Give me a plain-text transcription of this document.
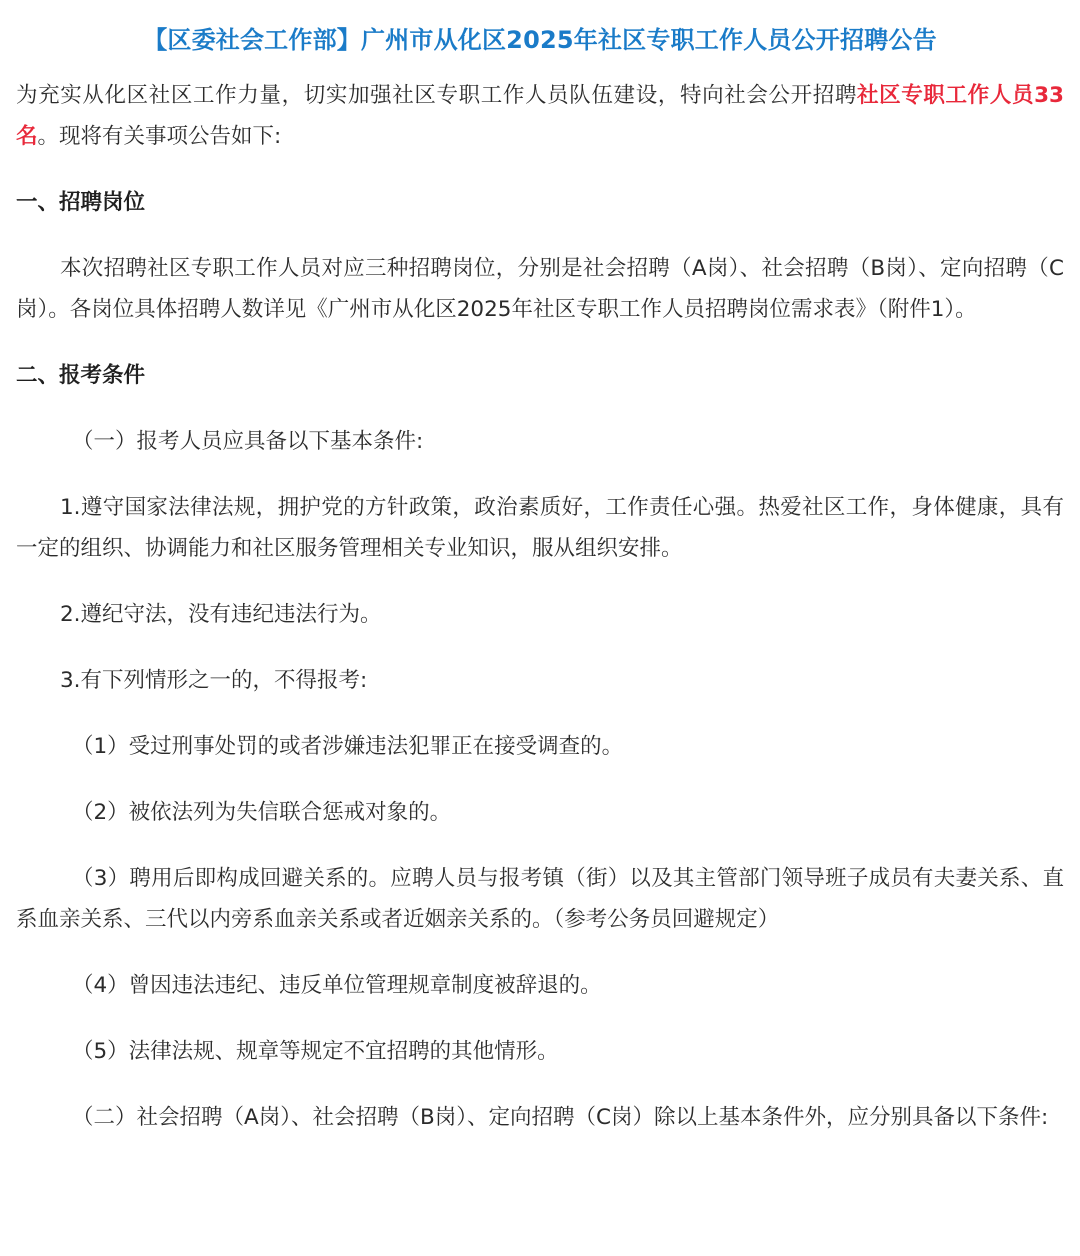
【区委社会工作部】广州市从化区2025年社区专职工作人员公开招聘公告

为充实从化区社区工作力量，切实加强社区专职工作人员队伍建设，特向社会公开招聘社区专职工作人员33名。现将有关事项公告如下:

一、招聘岗位

本次招聘社区专职工作人员对应三种招聘岗位，分别是社会招聘（A岗）、社会招聘（B岗）、定向招聘（C岗）。各岗位具体招聘人数详见《广州市从化区2025年社区专职工作人员招聘岗位需求表》（附件1）。

二、报考条件

（一）报考人员应具备以下基本条件:

1.遵守国家法律法规，拥护党的方针政策，政治素质好，工作责任心强。热爱社区工作，身体健康，具有一定的组织、协调能力和社区服务管理相关专业知识，服从组织安排。

2.遵纪守法，没有违纪违法行为。

3.有下列情形之一的，不得报考:

（1）受过刑事处罚的或者涉嫌违法犯罪正在接受调查的。

（2）被依法列为失信联合惩戒对象的。

（3）聘用后即构成回避关系的。应聘人员与报考镇（街）以及其主管部门领导班子成员有夫妻关系、直系血亲关系、三代以内旁系血亲关系或者近姻亲关系的。（参考公务员回避规定）

（4）曾因违法违纪、违反单位管理规章制度被辞退的。

（5）法律法规、规章等规定不宜招聘的其他情形。

（二）社会招聘（A岗）、社会招聘（B岗）、定向招聘（C岗）除以上基本条件外，应分别具备以下条件:
